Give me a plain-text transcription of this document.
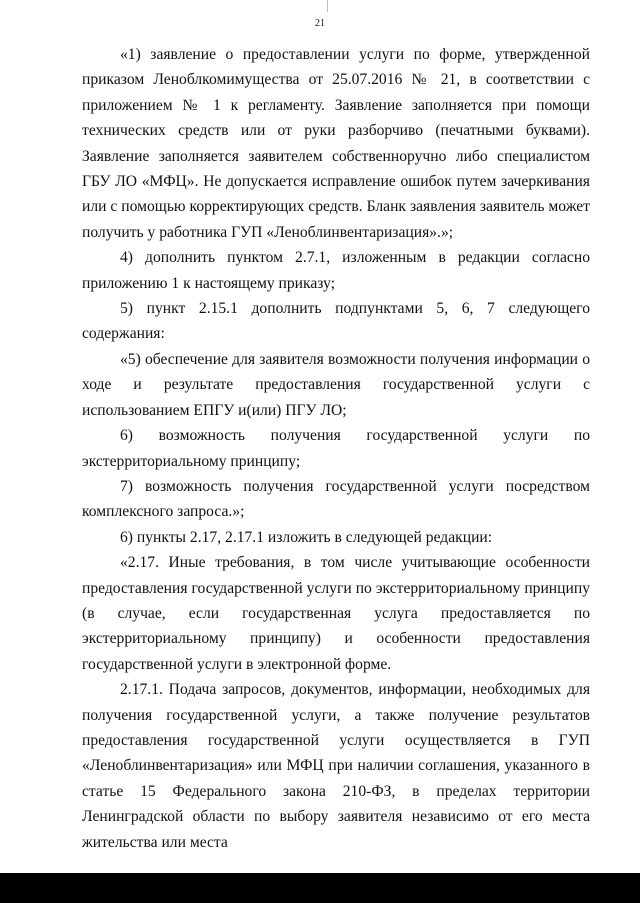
21

«1) заявление о предоставлении услуги по форме, утвержденной приказом Леноблкомимущества от 25.07.2016 № 21, в соответствии с приложением № 1 к регламенту. Заявление заполняется при помощи технических средств или от руки разборчиво (печатными буквами). Заявление заполняется заявителем собственноручно либо специалистом ГБУ ЛО «МФЦ». Не допускается исправление ошибок путем зачеркивания или с помощью корректирующих средств. Бланк заявления заявитель может получить у работника ГУП «Леноблинвентаризация».»;

4) дополнить пунктом 2.7.1, изложенным в редакции согласно приложению 1 к настоящему приказу;

5) пункт 2.15.1 дополнить подпунктами 5, 6, 7 следующего содержания:

«5) обеспечение для заявителя возможности получения информации о ходе и результате предоставления государственной услуги с использованием ЕПГУ и(или) ПГУ ЛО;

6) возможность получения государственной услуги по экстерриториальному принципу;

7) возможность получения государственной услуги посредством комплексного запроса.»;

6) пункты 2.17, 2.17.1 изложить в следующей редакции:

«2.17. Иные требования, в том числе учитывающие особенности предоставления государственной услуги по экстерриториальному принципу (в случае, если государственная услуга предоставляется по экстерриториальному принципу) и особенности предоставления государственной услуги в электронной форме.

2.17.1. Подача запросов, документов, информации, необходимых для получения государственной услуги, а также получение результатов предоставления государственной услуги осуществляется в ГУП «Леноблинвентаризация» или МФЦ при наличии соглашения, указанного в статье 15 Федерального закона 210-ФЗ, в пределах территории Ленинградской области по выбору заявителя независимо от его места жительства или места
